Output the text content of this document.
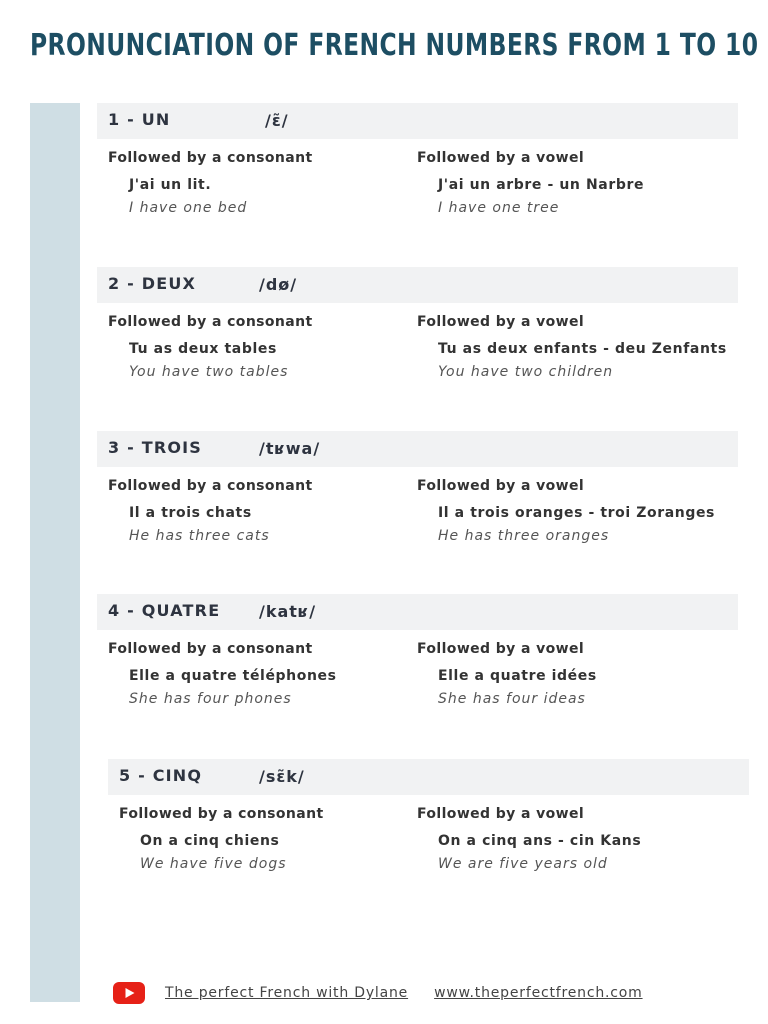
PRONUNCIATION OF FRENCH NUMBERS FROM 1 TO 10
1 - UN	/ɛ̃/
Followed by a consonant
J'ai un lit.
I have one bed
Followed by a vowel
J'ai un arbre - un Narbre
I have one tree
2 - DEUX	/dø/
Followed by a consonant
Tu as deux tables
You have two tables
Followed by a vowel
Tu as deux enfants - deu Zenfants
You have two children
3 - TROIS	/tʁwa/
Followed by a consonant
Il a trois chats
He has three cats
Followed by a vowel
Il a trois oranges - troi Zoranges
He has three oranges
4 - QUATRE /katʁ/
Followed by a consonant
Elle a quatre téléphones
She has four phones
Followed by a vowel
Elle a quatre idées
She has four ideas
5 - CINQ	/sɛ̃k/
Followed by a consonant
On a cinq chiens
We have five dogs
Followed by a vowel
On a cinq ans - cin Kans
We are five years old
The perfect French with Dylane www.theperfectfrench.com
